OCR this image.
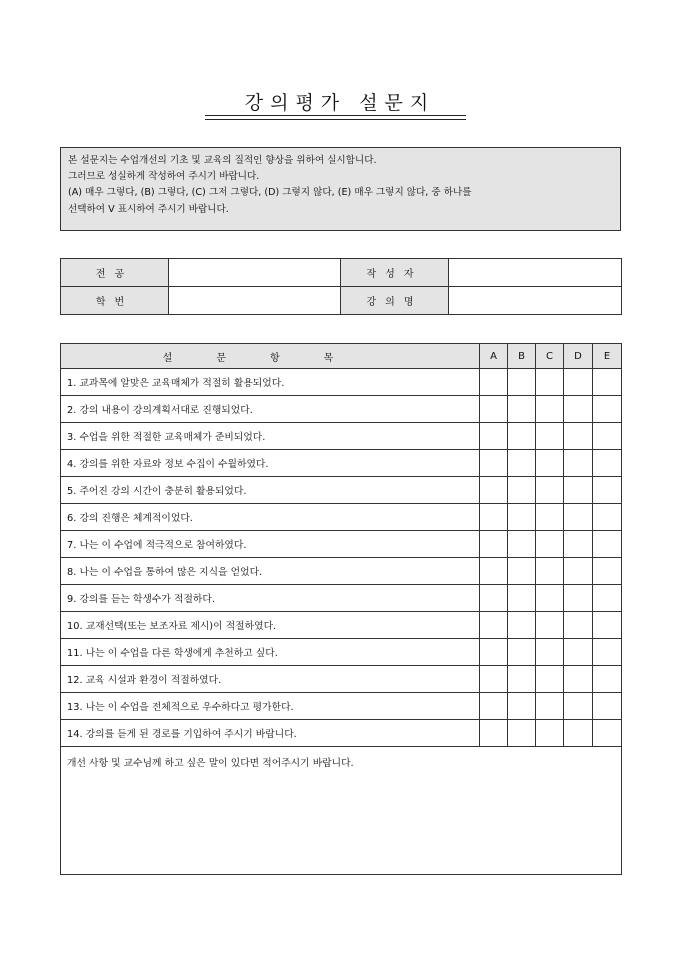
강의평가 설문지
본 설문지는 수업개선의 기초 및 교육의 질적인 향상을 위하여 실시합니다.
그러므로 성실하게 작성하여 주시기 바랍니다.
(A) 매우 그렇다, (B) 그렇다, (C) 그저 그렇다, (D) 그렇지 않다, (E) 매우 그렇지 않다, 중 하나를
선택하여 V 표시하여 주시기 바랍니다.
전공		작성자	
학번		강의명	
설문항목	A	B	C	D	E
1. 교과목에 알맞은 교육매체가 적절히 활용되었다.					
2. 강의 내용이 강의계획서대로 진행되었다.					
3. 수업을 위한 적절한 교육매체가 준비되었다.					
4. 강의를 위한 자료와 정보 수집이 수월하였다.					
5. 주어진 강의 시간이 충분히 활용되었다.					
6. 강의 진행은 체계적이었다.					
7. 나는 이 수업에 적극적으로 참여하였다.					
8. 나는 이 수업을 통하여 많은 지식을 얻었다.					
9. 강의를 듣는 학생수가 적절하다.					
10. 교재선택(또는 보조자료 제시)이 적절하였다.					
11. 나는 이 수업을 다른 학생에게 추천하고 싶다.					
12. 교육 시설과 환경이 적절하였다.					
13. 나는 이 수업을 전체적으로 우수하다고 평가한다.					
14. 강의를 듣게 된 경로를 기입하여 주시기 바랍니다.					
개선 사항 및 교수님께 하고 싶은 말이 있다면 적어주시기 바랍니다.					
